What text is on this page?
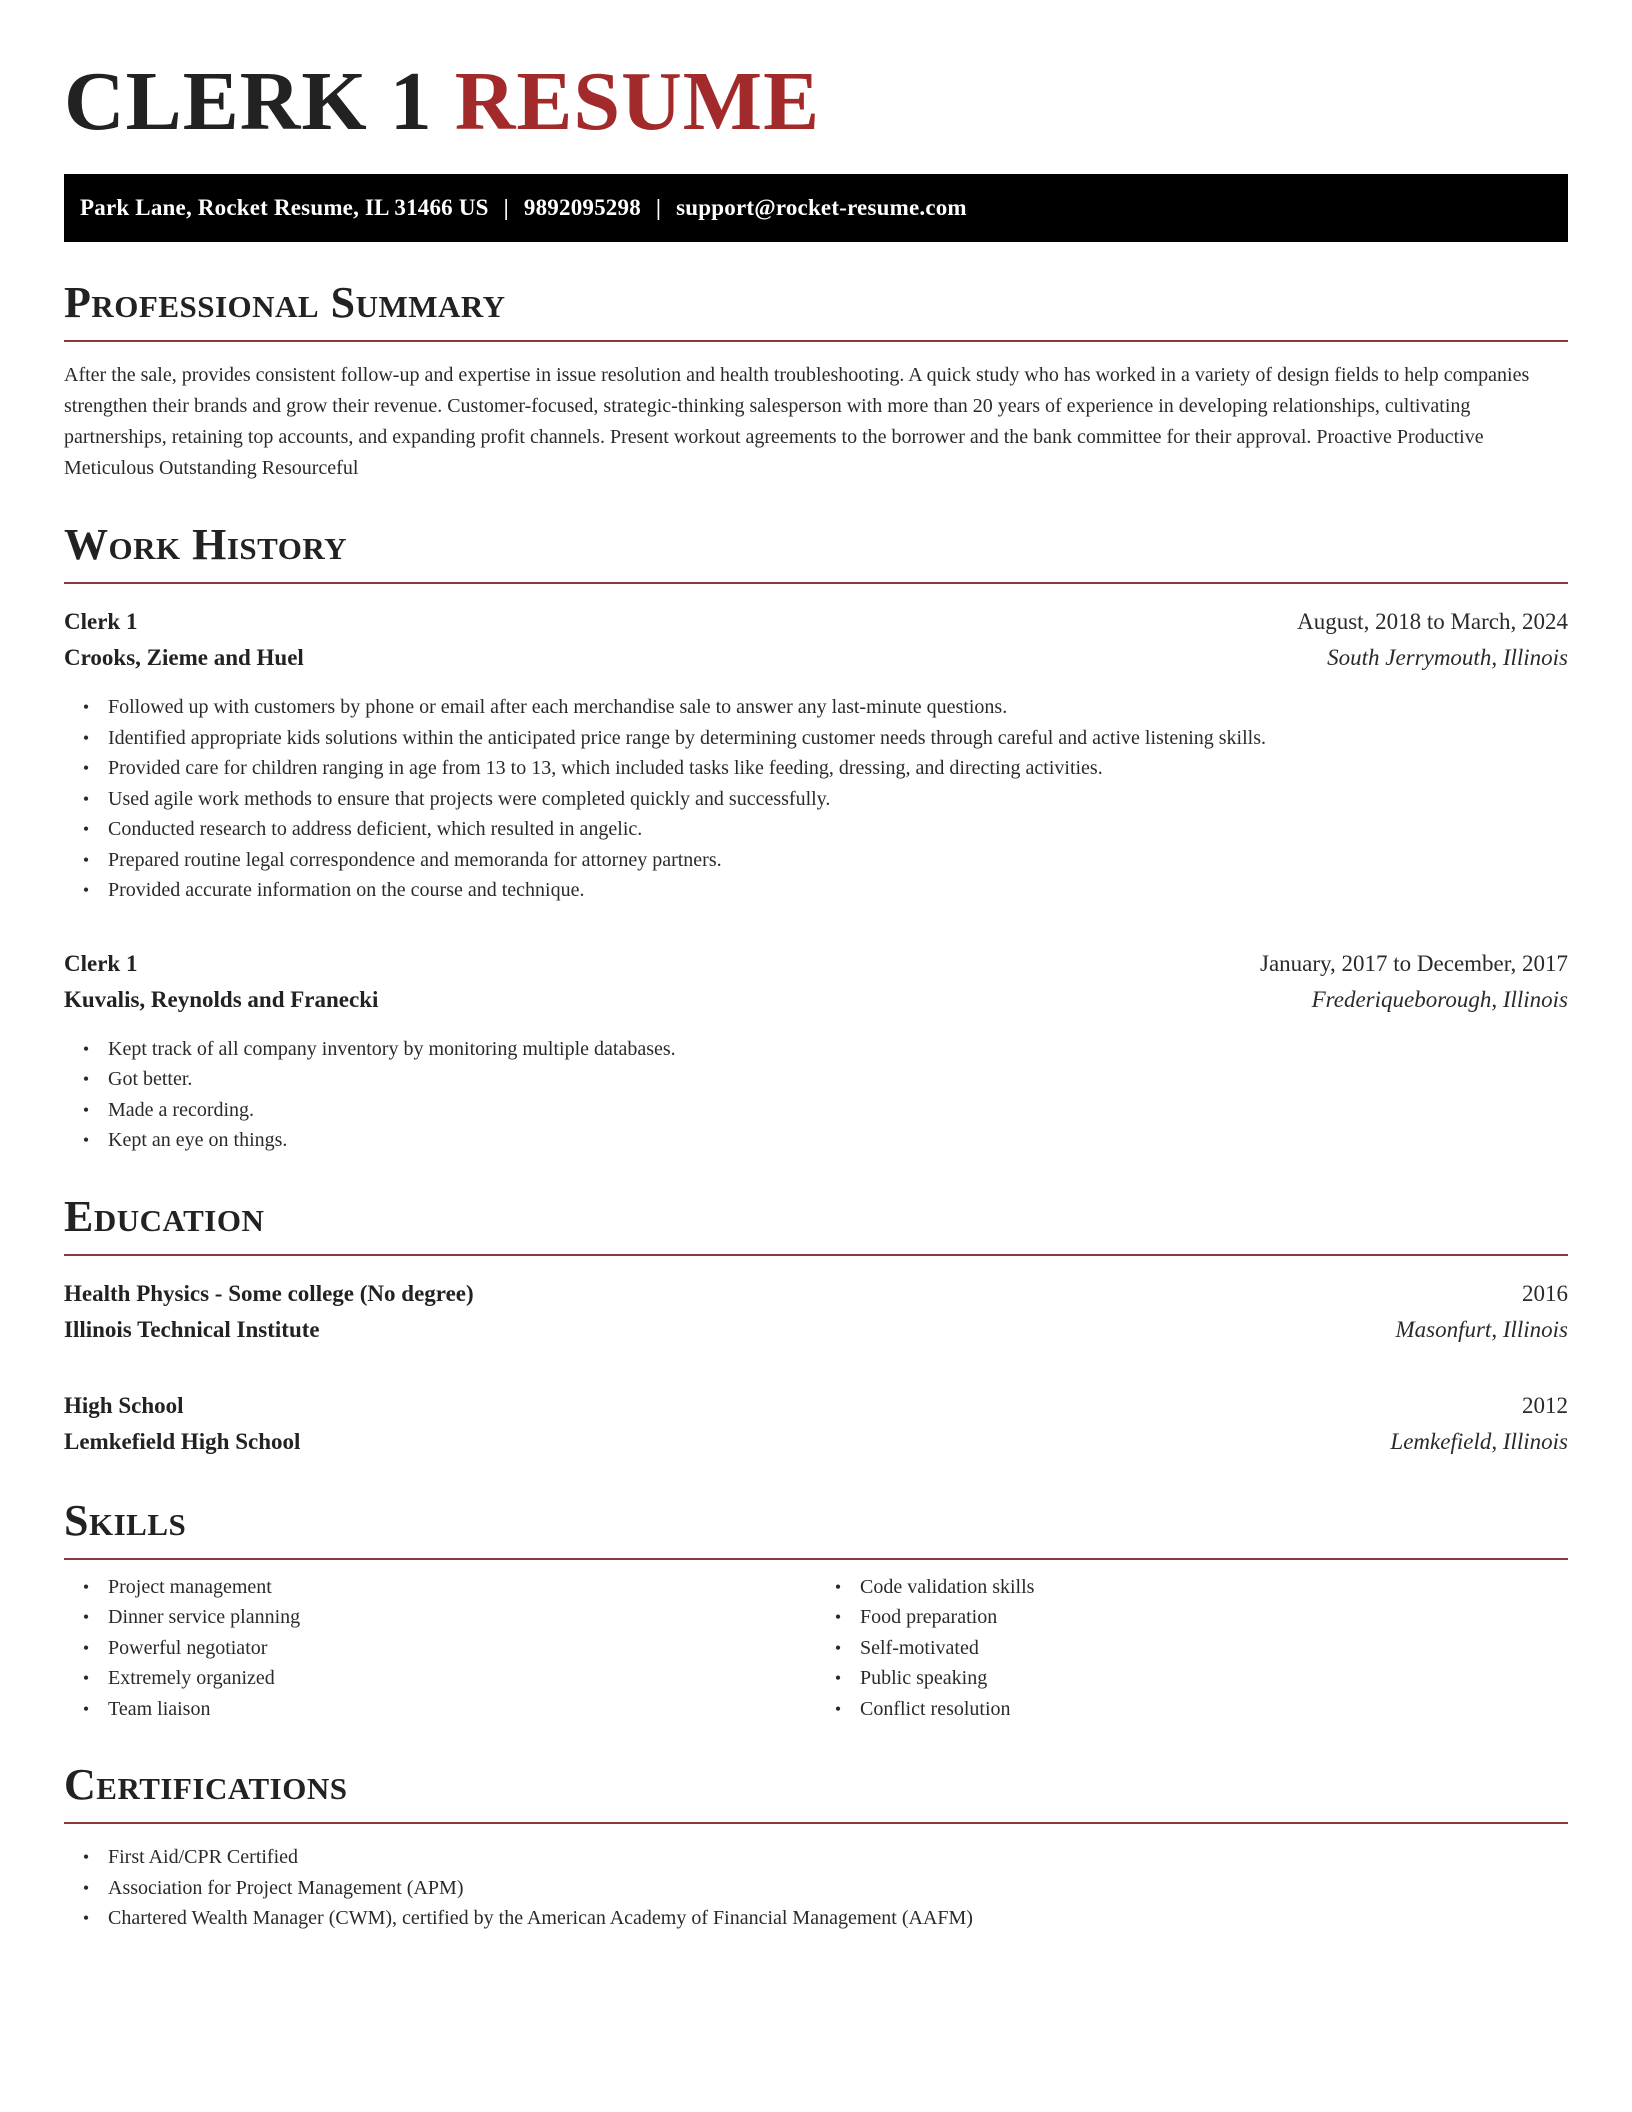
CLERK 1 RESUME
Park Lane, Rocket Resume, IL 31466 US | 9892095298 | support@rocket-resume.com
Professional Summary
After the sale, provides consistent follow-up and expertise in issue resolution and health troubleshooting. A quick study who has worked in a variety of design fields to help companies strengthen their brands and grow their revenue. Customer-focused, strategic-thinking salesperson with more than 20 years of experience in developing relationships, cultivating partnerships, retaining top accounts, and expanding profit channels. Present workout agreements to the borrower and the bank committee for their approval. Proactive Productive Meticulous Outstanding Resourceful
Work History
Clerk 1	August, 2018 to March, 2024
Crooks, Zieme and Huel	South Jerrymouth, Illinois
• Followed up with customers by phone or email after each merchandise sale to answer any last-minute questions.
• Identified appropriate kids solutions within the anticipated price range by determining customer needs through careful and active listening skills.
• Provided care for children ranging in age from 13 to 13, which included tasks like feeding, dressing, and directing activities.
• Used agile work methods to ensure that projects were completed quickly and successfully.
• Conducted research to address deficient, which resulted in angelic.
• Prepared routine legal correspondence and memoranda for attorney partners.
• Provided accurate information on the course and technique.
Clerk 1	January, 2017 to December, 2017
Kuvalis, Reynolds and Franecki	Frederiqueborough, Illinois
• Kept track of all company inventory by monitoring multiple databases.
• Got better.
• Made a recording.
• Kept an eye on things.
Education
Health Physics - Some college (No degree)	2016
Illinois Technical Institute	Masonfurt, Illinois
High School	2012
Lemkefield High School	Lemkefield, Illinois
Skills
• Project management
• Dinner service planning
• Powerful negotiator
• Extremely organized
• Team liaison
• Code validation skills
• Food preparation
• Self-motivated
• Public speaking
• Conflict resolution
Certifications
• First Aid/CPR Certified
• Association for Project Management (APM)
• Chartered Wealth Manager (CWM), certified by the American Academy of Financial Management (AAFM)
